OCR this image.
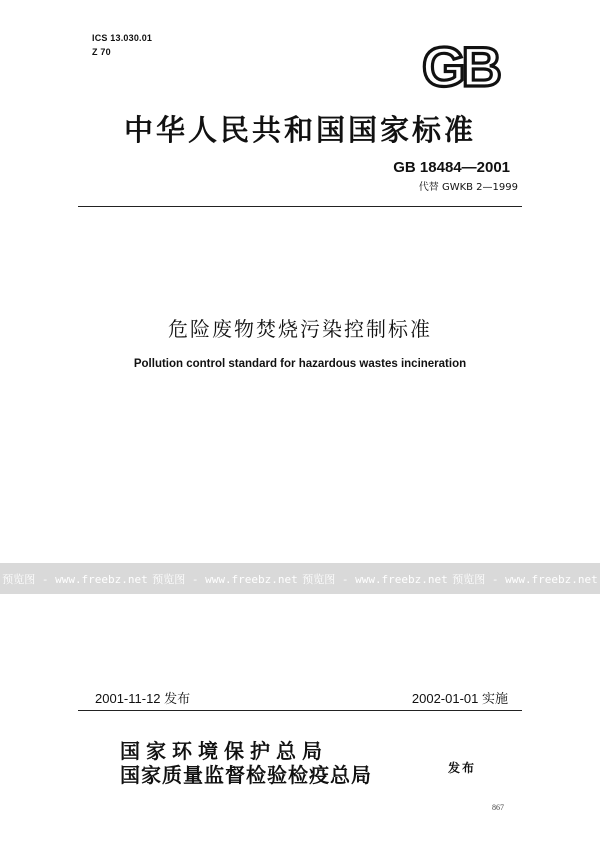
ICS 13.030.01
Z 70	GB
中华人民共和国国家标准
GB 18484—2001
代替 GWKB 2—1999
危险废物焚烧污染控制标准
Pollution control standard for hazardous wastes incineration
预览图 - www.freebz.net 预览图 - www.freebz.net 预览图 - www.freebz.net 预览图 - www.freebz.net
2001-11-12 发布	2002-01-01 实施
国家环境保护总局
国家质量监督检验检疫总局	发布
867
